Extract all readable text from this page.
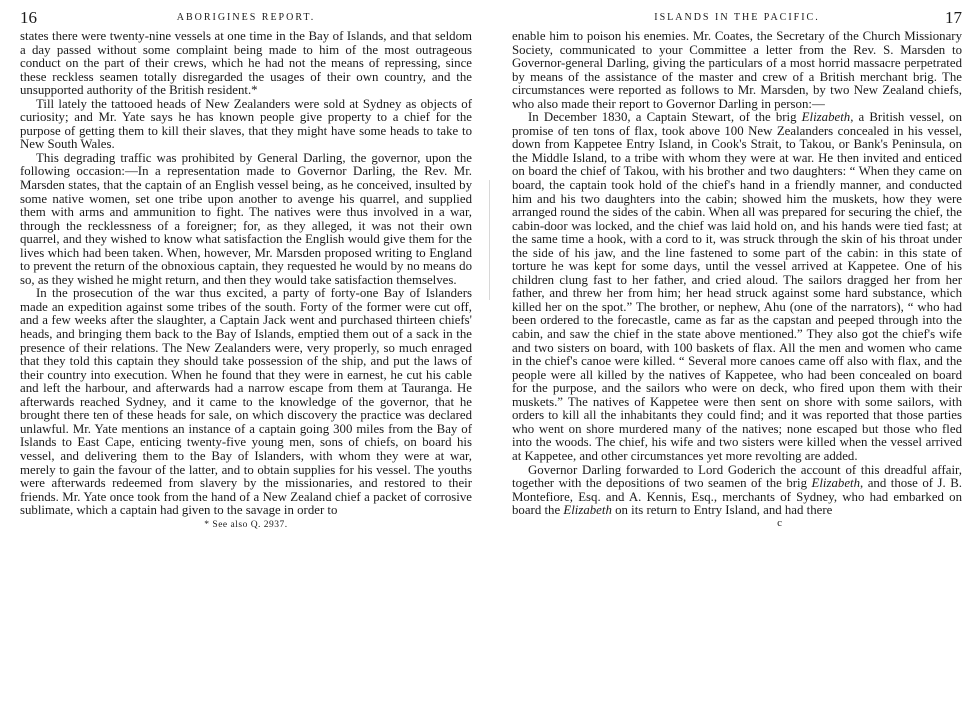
16	ABORIGINES REPORT.

states there were twenty-nine vessels at one time in the Bay of Islands, and that seldom a day passed without some complaint being made to him of the most outrageous conduct on the part of their crews, which he had not the means of repressing, since these reckless seamen totally disregarded the usages of their own country, and the unsupported authority of the British resident.*

Till lately the tattooed heads of New Zealanders were sold at Sydney as objects of curiosity; and Mr. Yate says he has known people give property to a chief for the purpose of getting them to kill their slaves, that they might have some heads to take to New South Wales.

This degrading traffic was prohibited by General Darling, the governor, upon the following occasion:—In a representation made to Governor Darling, the Rev. Mr. Marsden states, that the captain of an English vessel being, as he conceived, insulted by some native women, set one tribe upon another to avenge his quarrel, and supplied them with arms and ammunition to fight. The natives were thus involved in a war, through the recklessness of a foreigner; for, as they alleged, it was not their own quarrel, and they wished to know what satisfaction the English would give them for the lives which had been taken. When, however, Mr. Marsden proposed writing to England to prevent the return of the obnoxious captain, they requested he would by no means do so, as they wished he might return, and then they would take satisfaction themselves.

In the prosecution of the war thus excited, a party of forty-one Bay of Islanders made an expedition against some tribes of the south. Forty of the former were cut off, and a few weeks after the slaughter, a Captain Jack went and purchased thirteen chiefs' heads, and bringing them back to the Bay of Islands, emptied them out of a sack in the presence of their relations. The New Zealanders were, very properly, so much enraged that they told this captain they should take possession of the ship, and put the laws of their country into execution. When he found that they were in earnest, he cut his cable and left the harbour, and afterwards had a narrow escape from them at Tauranga. He afterwards reached Sydney, and it came to the knowledge of the governor, that he brought there ten of these heads for sale, on which discovery the practice was declared unlawful. Mr. Yate mentions an instance of a captain going 300 miles from the Bay of Islands to East Cape, enticing twenty-five young men, sons of chiefs, on board his vessel, and delivering them to the Bay of Islanders, with whom they were at war, merely to gain the favour of the latter, and to obtain supplies for his vessel. The youths were afterwards redeemed from slavery by the missionaries, and restored to their friends. Mr. Yate once took from the hand of a New Zealand chief a packet of corrosive sublimate, which a captain had given to the savage in order to

* See also Q. 2937.
ISLANDS IN THE PACIFIC.	17

enable him to poison his enemies. Mr. Coates, the Secretary of the Church Missionary Society, communicated to your Committee a letter from the Rev. S. Marsden to Governor-general Darling, giving the particulars of a most horrid massacre perpetrated by means of the assistance of the master and crew of a British merchant brig. The circumstances were reported as follows to Mr. Marsden, by two New Zealand chiefs, who also made their report to Governor Darling in person:—

In December 1830, a Captain Stewart, of the brig Elizabeth, a British vessel, on promise of ten tons of flax, took above 100 New Zealanders concealed in his vessel, down from Kappetee Entry Island, in Cook's Strait, to Takou, or Bank's Peninsula, on the Middle Island, to a tribe with whom they were at war. He then invited and enticed on board the chief of Takou, with his brother and two daughters: “ When they came on board, the captain took hold of the chief's hand in a friendly manner, and conducted him and his two daughters into the cabin; showed him the muskets, how they were arranged round the sides of the cabin. When all was prepared for securing the chief, the cabin-door was locked, and the chief was laid hold on, and his hands were tied fast; at the same time a hook, with a cord to it, was struck through the skin of his throat under the side of his jaw, and the line fastened to some part of the cabin: in this state of torture he was kept for some days, until the vessel arrived at Kappetee. One of his children clung fast to her father, and cried aloud. The sailors dragged her from her father, and threw her from him; her head struck against some hard substance, which killed her on the spot.” The brother, or nephew, Ahu (one of the narrators), “ who had been ordered to the forecastle, came as far as the capstan and peeped through into the cabin, and saw the chief in the state above mentioned.” They also got the chief's wife and two sisters on board, with 100 baskets of flax. All the men and women who came in the chief's canoe were killed. “ Several more canoes came off also with flax, and the people were all killed by the natives of Kappetee, who had been concealed on board for the purpose, and the sailors who were on deck, who fired upon them with their muskets.” The natives of Kappetee were then sent on shore with some sailors, with orders to kill all the inhabitants they could find; and it was reported that those parties who went on shore murdered many of the natives; none escaped but those who fled into the woods. The chief, his wife and two sisters were killed when the vessel arrived at Kappetee, and other circumstances yet more revolting are added.

Governor Darling forwarded to Lord Goderich the account of this dreadful affair, together with the depositions of two seamen of the brig Elizabeth, and those of J. B. Montefiore, Esq. and A. Kennis, Esq., merchants of Sydney, who had embarked on board the Elizabeth on its return to Entry Island, and had there

c
